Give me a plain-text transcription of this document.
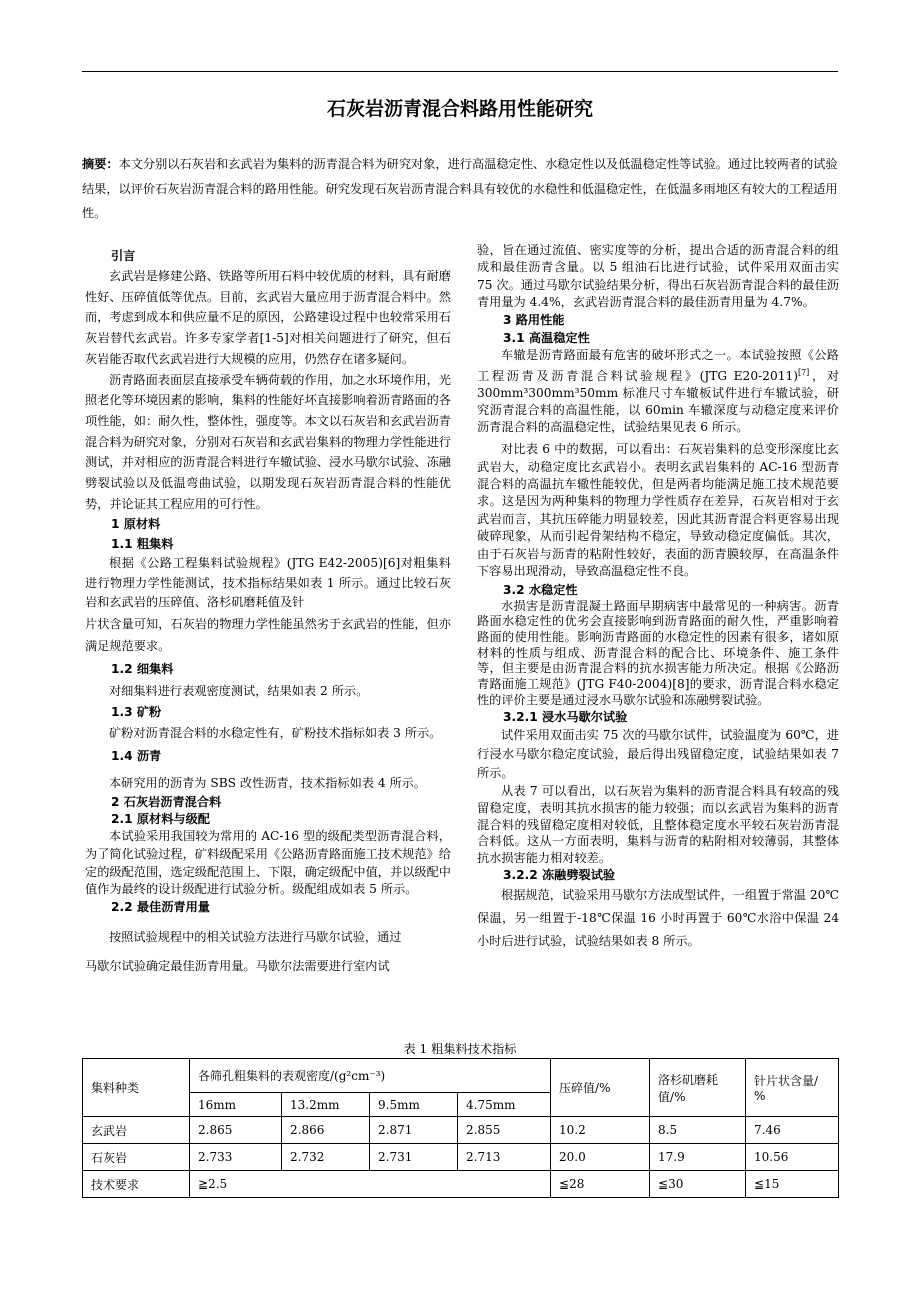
石灰岩沥青混合料路用性能研究
摘要：本文分别以石灰岩和玄武岩为集料的沥青混合料为研究对象，进行高温稳定性、水稳定性以及低温稳定性等试验。通过比较两者的试验结果，以评价石灰岩沥青混合料的路用性能。研究发现石灰岩沥青混合料具有较优的水稳性和低温稳定性，在低温多雨地区有较大的工程适用性。
引言

玄武岩是修建公路、铁路等所用石料中较优质的材料，具有耐磨性好、压碎值低等优点。目前，玄武岩大量应用于沥青混合料中。然而，考虑到成本和供应量不足的原因，公路建设过程中也较常采用石灰岩替代玄武岩。许多专家学者[1-5]对相关问题进行了研究，但石灰岩能否取代玄武岩进行大规模的应用，仍然存在诸多疑问。

沥青路面表面层直接承受车辆荷载的作用，加之水环境作用，光照老化等环境因素的影响，集料的性能好坏直接影响着沥青路面的各项性能，如：耐久性，整体性，强度等。本文以石灰岩和玄武岩沥青混合料为研究对象，分别对石灰岩和玄武岩集料的物理力学性能进行测试，并对相应的沥青混合料进行车辙试验、浸水马歇尔试验、冻融劈裂试验以及低温弯曲试验，以期发现石灰岩沥青混合料的性能优势，并论证其工程应用的可行性。

1 原材料
1.1 粗集料

根据《公路工程集料试验规程》(JTG E42-2005)[6]对粗集料进行物理力学性能测试，技术指标结果如表 1 所示。通过比较石灰岩和玄武岩的压碎值、洛杉矶磨耗值及针

片状含量可知，石灰岩的物理力学性能虽然劣于玄武岩的性能，但亦满足规范要求。

1.2 细集料

对细集料进行表观密度测试，结果如表 2 所示。

1.3 矿粉

矿粉对沥青混合料的水稳定性有，矿粉技术指标如表 3 所示。

1.4 沥青

本研究用的沥青为 SBS 改性沥青，技术指标如表 4 所示。

2 石灰岩沥青混合料
2.1 原材料与级配

本试验采用我国较为常用的 AC-16 型的级配类型沥青混合料，为了简化试验过程，矿料级配采用《公路沥青路面施工技术规范》给定的级配范围，选定级配范围上、下限，确定级配中值，并以级配中值作为最终的设计级配进行试验分析。级配组成如表 5 所示。

2.2 最佳沥青用量

按照试验规程中的相关试验方法进行马歇尔试验，通过

马歇尔试验确定最佳沥青用量。马歇尔法需要进行室内试

验，旨在通过流值、密实度等的分析，提出合适的沥青混合料的组成和最佳沥青含量。以 5 组油石比进行试验，试件采用双面击实 75 次。通过马歇尔试验结果分析，得出石灰岩沥青混合料的最佳沥青用量为 4.4%，玄武岩沥青混合料的最佳沥青用量为 4.7%。

3 路用性能
3.1 高温稳定性

车辙是沥青路面最有危害的破坏形式之一。本试验按照《公路工程沥青及沥青混合料试验规程》(JTG E20-2011)[7]，对 300mm³300mm³50mm 标准尺寸车辙板试件进行车辙试验，研究沥青混合料的高温性能，以 60min 车辙深度与动稳定度来评价沥青混合料的高温稳定性，试验结果见表 6 所示。

对比表 6 中的数据，可以看出：石灰岩集料的总变形深度比玄武岩大，动稳定度比玄武岩小。表明玄武岩集料的 AC-16 型沥青混合料的高温抗车辙性能较优，但是两者均能满足施工技术规范要求。这是因为两种集料的物理力学性质存在差异，石灰岩相对于玄武岩而言，其抗压碎能力明显较差，因此其沥青混合料更容易出现破碎现象，从而引起骨架结构不稳定，导致动稳定度偏低。其次，由于石灰岩与沥青的粘附性较好，表面的沥青膜较厚，在高温条件下容易出现滑动，导致高温稳定性不良。

3.2 水稳定性

水损害是沥青混凝土路面早期病害中最常见的一种病害。沥青路面水稳定性的优劣会直接影响到沥青路面的耐久性，严重影响着路面的使用性能。影响沥青路面的水稳定性的因素有很多，诸如原材料的性质与组成、沥青混合料的配合比、环境条件、施工条件等，但主要是由沥青混合料的抗水损害能力所决定。根据《公路沥青路面施工规范》(JTG F40-2004)[8]的要求，沥青混合料水稳定性的评价主要是通过浸水马歇尔试验和冻融劈裂试验。

3.2.1 浸水马歇尔试验

试件采用双面击实 75 次的马歇尔试件，试验温度为 60℃，进行浸水马歇尔稳定度试验，最后得出残留稳定度，试验结果如表 7 所示。

从表 7 可以看出，以石灰岩为集料的沥青混合料具有较高的残留稳定度，表明其抗水损害的能力较强；而以玄武岩为集料的沥青混合料的残留稳定度相对较低，且整体稳定度水平较石灰岩沥青混合料低。这从一方面表明，集料与沥青的粘附相对较薄弱，其整体抗水损害能力相对较差。

3.2.2 冻融劈裂试验

根据规范，试验采用马歇尔方法成型试件，一组置于常温 20℃保温，另一组置于-18℃保温 16 小时再置于 60℃水浴中保温 24 小时后进行试验，试验结果如表 8 所示。

表 1 粗集料技术指标
集料种类	各筛孔粗集料的表观密度/(g²cm⁻³)				压碎值/%	洛杉矶磨耗值/%	针片状含量/ %
	16mm	13.2mm	9.5mm	4.75mm			
玄武岩	2.865	2.866	2.871	2.855	10.2	8.5	7.46
石灰岩	2.733	2.732	2.731	2.713	20.0	17.9	10.56
技术要求	≧2.5				≦28	≦30	≦15
